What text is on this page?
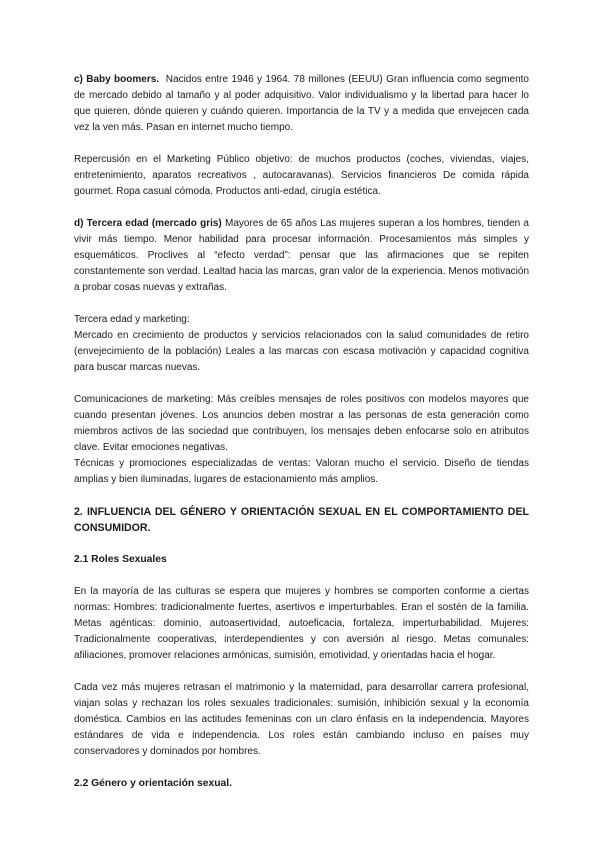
c) Baby boomers. Nacidos entre 1946 y 1964. 78 millones (EEUU) Gran influencia como segmento de mercado debido al tamaño y al poder adquisitivo. Valor individualismo y la libertad para hacer lo que quieren, dónde quieren y cuándo quieren. Importancia de la TV y a medida que envejecen cada vez la ven más. Pasan en internet mucho tiempo.

Repercusión en el Marketing Público objetivo: de muchos productos (coches, viviendas, viajes, entretenimiento, aparatos recreativos , autocaravanas). Servicios financieros De comida rápida gourmet. Ropa casual cómoda. Productos anti-edad, cirugía estética.

d) Tercera edad (mercado gris) Mayores de 65 años Las mujeres superan a los hombres, tienden a vivir más tiempo. Menor habilidad para procesar información. Procesamientos más simples y esquemáticos. Proclives al “efecto verdad”: pensar que las afirmaciones que se repiten constantemente son verdad. Lealtad hacia las marcas, gran valor de la experiencia. Menos motivación a probar cosas nuevas y extrañas.

Tercera edad y marketing:

Mercado en crecimiento de productos y servicios relacionados con la salud comunidades de retiro (envejecimiento de la población) Leales a las marcas con escasa motivación y capacidad cognitiva para buscar marcas nuevas.

Comunicaciones de marketing: Más creíbles mensajes de roles positivos con modelos mayores que cuando presentan jóvenes. Los anuncios deben mostrar a las personas de esta generación como miembros activos de las sociedad que contribuyen, los mensajes deben enfocarse solo en atributos clave. Evitar emociones negativas.

Técnicas y promociones especializadas de ventas: Valoran mucho el servicio. Diseño de tiendas amplias y bien iluminadas, lugares de estacionamiento más amplios.

2. INFLUENCIA DEL GÉNERO Y ORIENTACIÓN SEXUAL EN EL COMPORTAMIENTO DEL CONSUMIDOR.
2.1 Roles Sexuales

En la mayoría de las culturas se espera que mujeres y hombres se comporten conforme a ciertas normas: Hombres: tradicionalmente fuertes, asertivos e imperturbables. Eran el sostén de la familia. Metas agénticas: dominio, autoasertividad, autoeficacia, fortaleza, imperturbabilidad. Mujeres: Tradicionalmente cooperativas, interdependientes y con aversión al riesgo. Metas comunales: afiliaciones, promover relaciones armónicas, sumisión, emotividad, y orientadas hacia el hogar.

Cada vez más mujeres retrasan el matrimonio y la maternidad, para desarrollar carrera profesional, viajan solas y rechazan los roles sexuales tradicionales: sumisión, inhibición sexual y la economía doméstica. Cambios en las actitudes femeninas con un claro énfasis en la independencia. Mayores estándares de vida e independencia. Los roles están cambiando incluso en países muy conservadores y dominados por hombres.

2.2 Género y orientación sexual.
